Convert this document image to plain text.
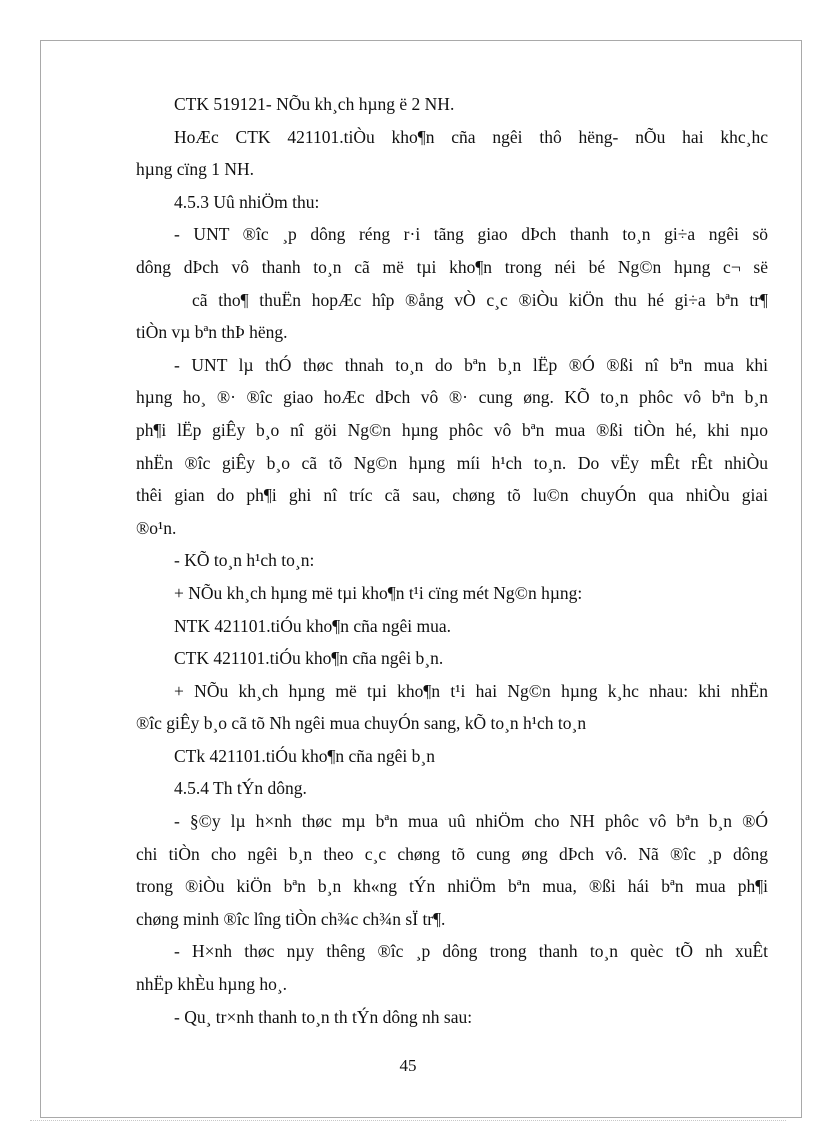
CTK 519121- NÕu kh¸ch hµng ë 2 NH.
HoÆc CTK 421101.tiÒu kho¶n cña ngêi thô hëng- nÕu hai khc¸hc
hµng cïng 1 NH.
4.5.3 Uû nhiÖm thu:
- UNT ®îc ¸p dông réng r·i tãng giao dÞch thanh to¸n gi÷a ngêi sö
dông dÞch vô thanh to¸n cã më tµi kho¶n trong néi bé Ng©n hµng c¬ së
cã tho¶ thuËn hopÆc hîp ®ång vÒ c¸c ®iÒu kiÖn thu hé gi÷a bªn tr¶
tiÒn vµ bªn thÞ hëng.
- UNT lµ thÓ thøc thnah to¸n do bªn b¸n lËp ®Ó ®ßi nî bªn mua khi
hµng ho¸ ®· ®îc giao hoÆc dÞch vô ®· cung øng. KÕ to¸n phôc vô bªn b¸n
ph¶i lËp giÊy b¸o nî göi Ng©n hµng phôc vô bªn mua ®ßi tiÒn hé, khi nµo
nhËn ®îc giÊy b¸o cã tõ Ng©n hµng míi h¹ch to¸n. Do vËy mÊt rÊt nhiÒu
thêi gian do ph¶i ghi nî tríc cã sau, chøng tõ lu©n chuyÓn qua nhiÒu giai
®o¹n.
- KÕ to¸n h¹ch to¸n:
+ NÕu kh¸ch hµng më tµi kho¶n t¹i cïng mét Ng©n hµng:
NTK 421101.tiÓu kho¶n cña ngêi mua.
CTK 421101.tiÓu kho¶n cña ngêi b¸n.
+ NÕu kh¸ch hµng më tµi kho¶n t¹i hai Ng©n hµng k¸hc nhau: khi nhËn
®îc giÊy b¸o cã tõ Nh ngêi mua chuyÓn sang, kÕ to¸n h¹ch to¸n
CTk 421101.tiÓu kho¶n cña ngêi b¸n
4.5.4 Th tÝn dông.
- §©y lµ h×nh thøc mµ bªn mua uû nhiÖm cho NH phôc vô bªn b¸n ®Ó
chi tiÒn cho ngêi b¸n theo c¸c chøng tõ cung øng dÞch vô. Nã ®îc ¸p dông
trong ®iÒu kiÖn bªn b¸n kh«ng tÝn nhiÖm bªn mua, ®ßi hái bªn mua ph¶i
chøng minh ®îc lîng tiÒn ch¾c ch¾n sÏ tr¶.
- H×nh thøc nµy thêng ®îc ¸p dông trong thanh to¸n quèc tÕ nh xuÊt
nhËp khÈu hµng ho¸.
- Qu¸ tr×nh thanh to¸n th tÝn dông nh sau:
45
